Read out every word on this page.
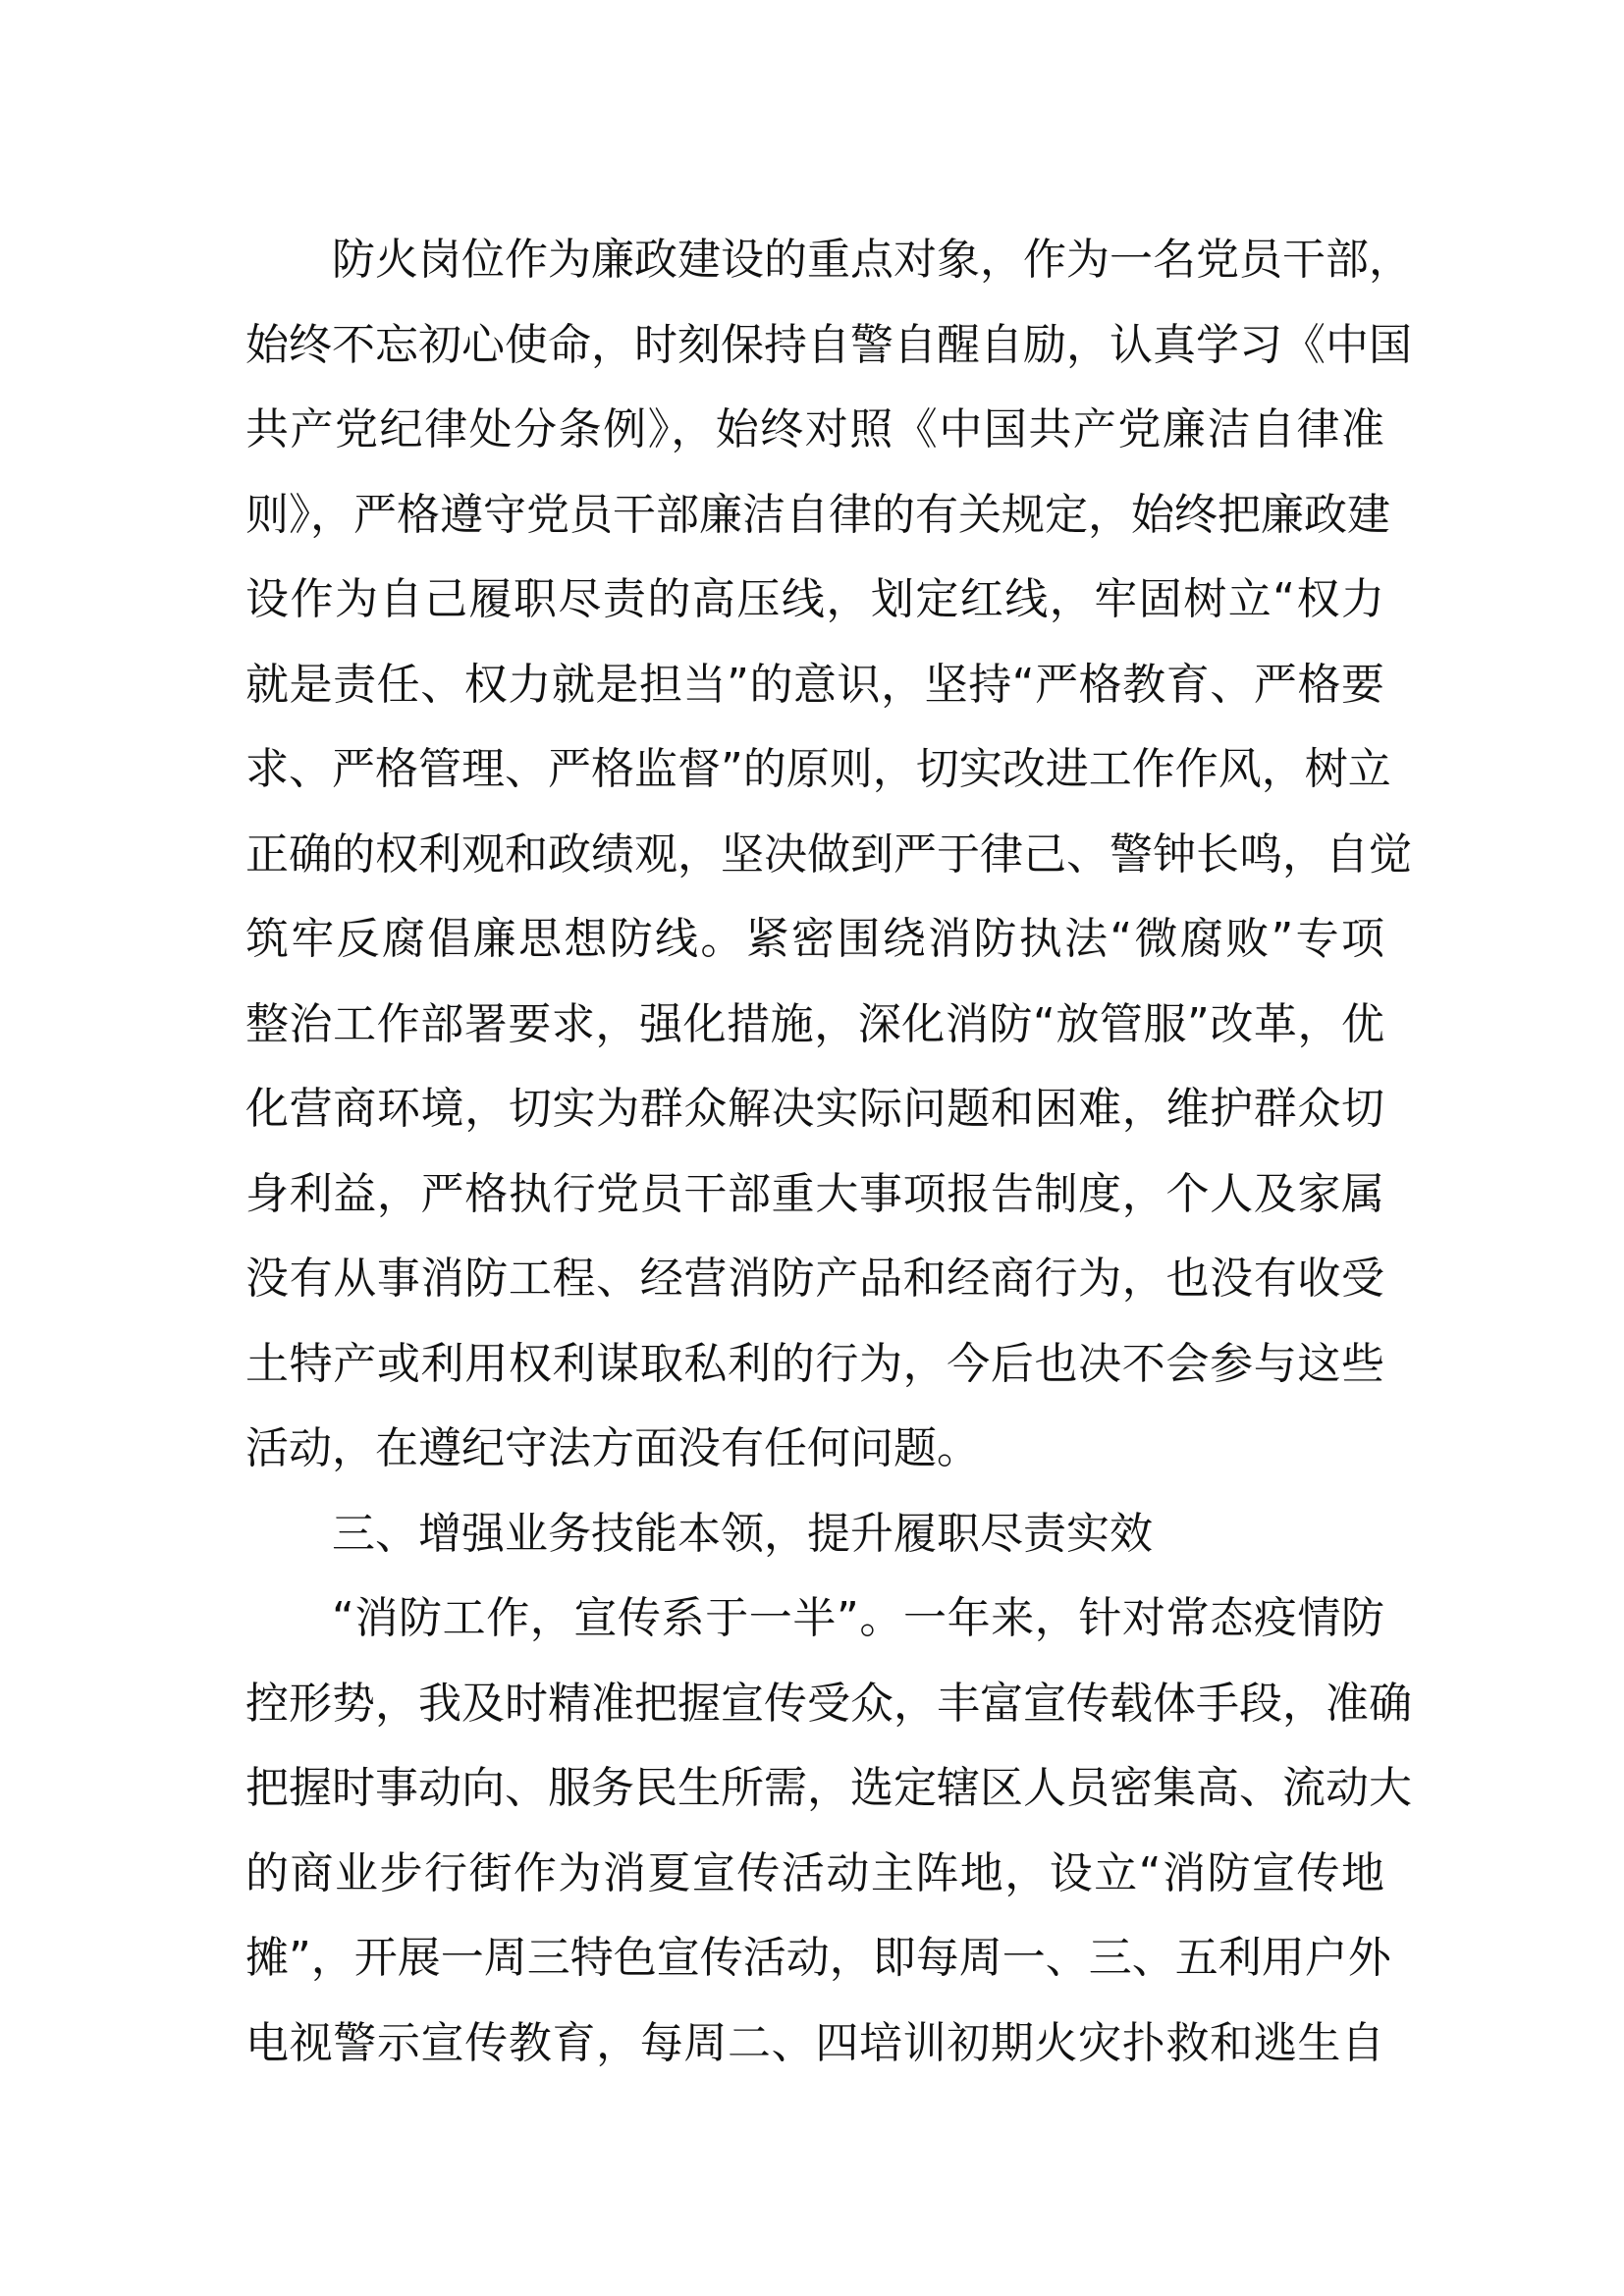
防火岗位作为廉政建设的重点对象，作为一名党员干部，
始终不忘初心使命，时刻保持自警自醒自励，认真学习《中国
共产党纪律处分条例》，始终对照《中国共产党廉洁自律准
则》，严格遵守党员干部廉洁自律的有关规定，始终把廉政建
设作为自己履职尽责的高压线，划定红线，牢固树立“权力
就是责任、权力就是担当”的意识，坚持“严格教育、严格要
求、严格管理、严格监督”的原则，切实改进工作作风，树立
正确的权利观和政绩观，坚决做到严于律己、警钟长鸣，自觉
筑牢反腐倡廉思想防线。紧密围绕消防执法“微腐败”专项
整治工作部署要求，强化措施，深化消防“放管服”改革，优
化营商环境，切实为群众解决实际问题和困难，维护群众切
身利益，严格执行党员干部重大事项报告制度，个人及家属
没有从事消防工程、经营消防产品和经商行为，也没有收受
土特产或利用权利谋取私利的行为，今后也决不会参与这些
活动，在遵纪守法方面没有任何问题。
三、增强业务技能本领，提升履职尽责实效
“消防工作，宣传系于一半”。一年来，针对常态疫情防
控形势，我及时精准把握宣传受众，丰富宣传载体手段，准确
把握时事动向、服务民生所需，选定辖区人员密集高、流动大
的商业步行街作为消夏宣传活动主阵地，设立“消防宣传地
摊”，开展一周三特色宣传活动，即每周一、三、五利用户外
电视警示宣传教育，每周二、四培训初期火灾扑救和逃生自
